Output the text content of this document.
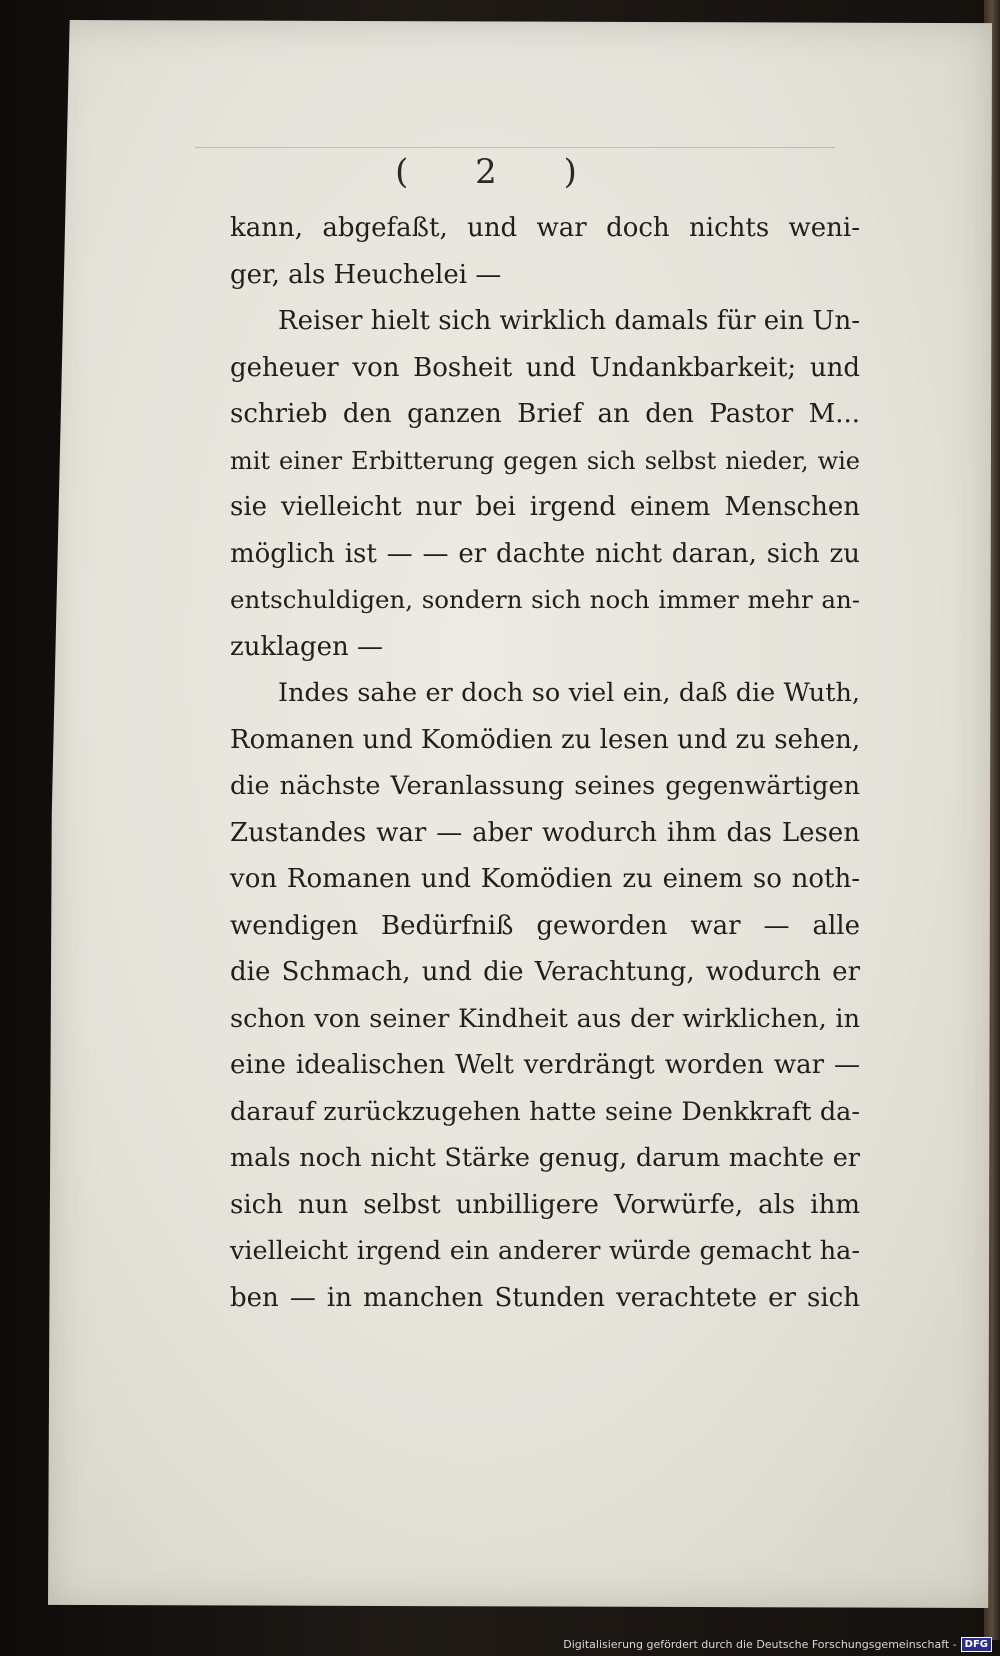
( 2 )
kann, abgefaßt, und war doch nichts weni-
ger, als Heuchelei —
Reiser hielt sich wirklich damals für ein Un-
geheuer von Bosheit und Undankbarkeit; und
schrieb den ganzen Brief an den Pastor M...
mit einer Erbitterung gegen sich selbst nieder, wie
sie vielleicht nur bei irgend einem Menschen
möglich ist — — er dachte nicht daran, sich zu
entschuldigen, sondern sich noch immer mehr an-
zuklagen —
Indes sahe er doch so viel ein, daß die Wuth,
Romanen und Komödien zu lesen und zu sehen,
die nächste Veranlassung seines gegenwärtigen
Zustandes war — aber wodurch ihm das Lesen
von Romanen und Komödien zu einem so noth-
wendigen Bedürfniß geworden war — alle
die Schmach, und die Verachtung, wodurch er
schon von seiner Kindheit aus der wirklichen, in
eine idealischen Welt verdrängt worden war —
darauf zurückzugehen hatte seine Denkkraft da-
mals noch nicht Stärke genug, darum machte er
sich nun selbst unbilligere Vorwürfe, als ihm
vielleicht irgend ein anderer würde gemacht ha-
ben — in manchen Stunden verachtete er sich
Digitalisierung gefördert durch die Deutsche Forschungsgemeinschaft - DFG
